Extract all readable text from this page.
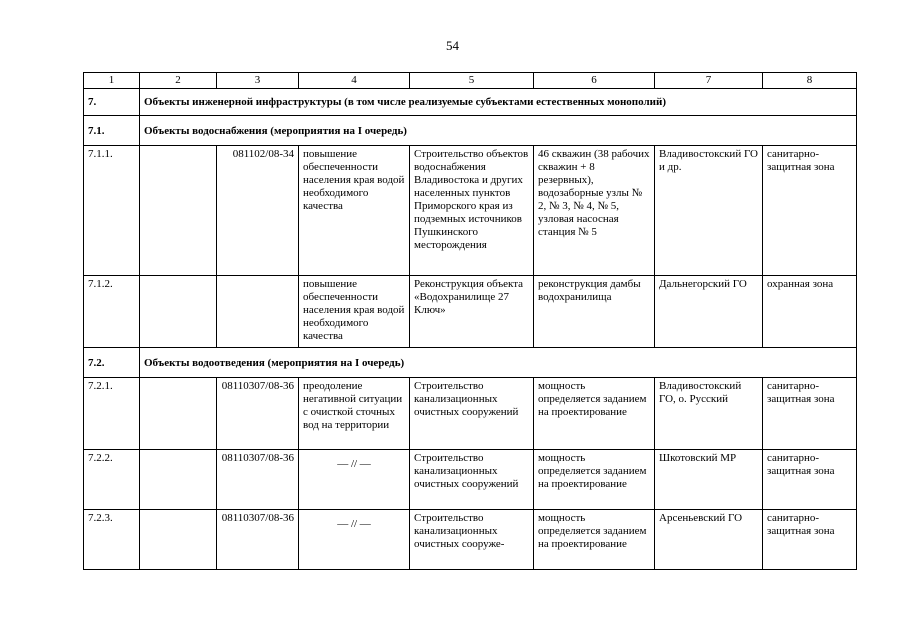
54
1	2	3	4	5	6	7	8
7.	Объекты инженерной инфраструктуры (в том числе реализуемые субъектами естественных монополий)						
7.1.	Объекты водоснабжения (мероприятия на I очередь)						
7.1.1.		081102/08-34	повышение обеспеченности населения края водой необходимого качества	Строительство объектов водоснабжения Владивостока и других населенных пунктов Приморского края из подземных источников Пушкинского месторождения	46 скважин (38 рабочих скважин + 8 резервных), водозаборные узлы № 2, № 3, № 4, № 5, узловая насосная станция № 5	Владивостокский ГО и др.	санитарно-защитная зона
7.1.2.			повышение обеспеченности населения края водой необходимого качества	Реконструкция объекта «Водохранилище 27 Ключ»	реконструкция дамбы водохранилища	Дальнегорский ГО	охранная зона
7.2.	Объекты водоотведения (мероприятия на I очередь)						
7.2.1.		08110307/08-36	преодоление негативной ситуации с очисткой сточных вод на территории	Строительство канализационных очистных сооружений	мощность определяется заданием на проектирование	Владивостокский ГО, о. Русский	санитарно-защитная зона
7.2.2.		08110307/08-36	— // —	Строительство канализационных очистных сооружений	мощность определяется заданием на проектирование	Шкотовский МР	санитарно-защитная зона
7.2.3.		08110307/08-36	— // —	Строительство канализационных очистных сооруже-	мощность определяется заданием на проектирование	Арсеньевский ГО	санитарно-защитная зона
